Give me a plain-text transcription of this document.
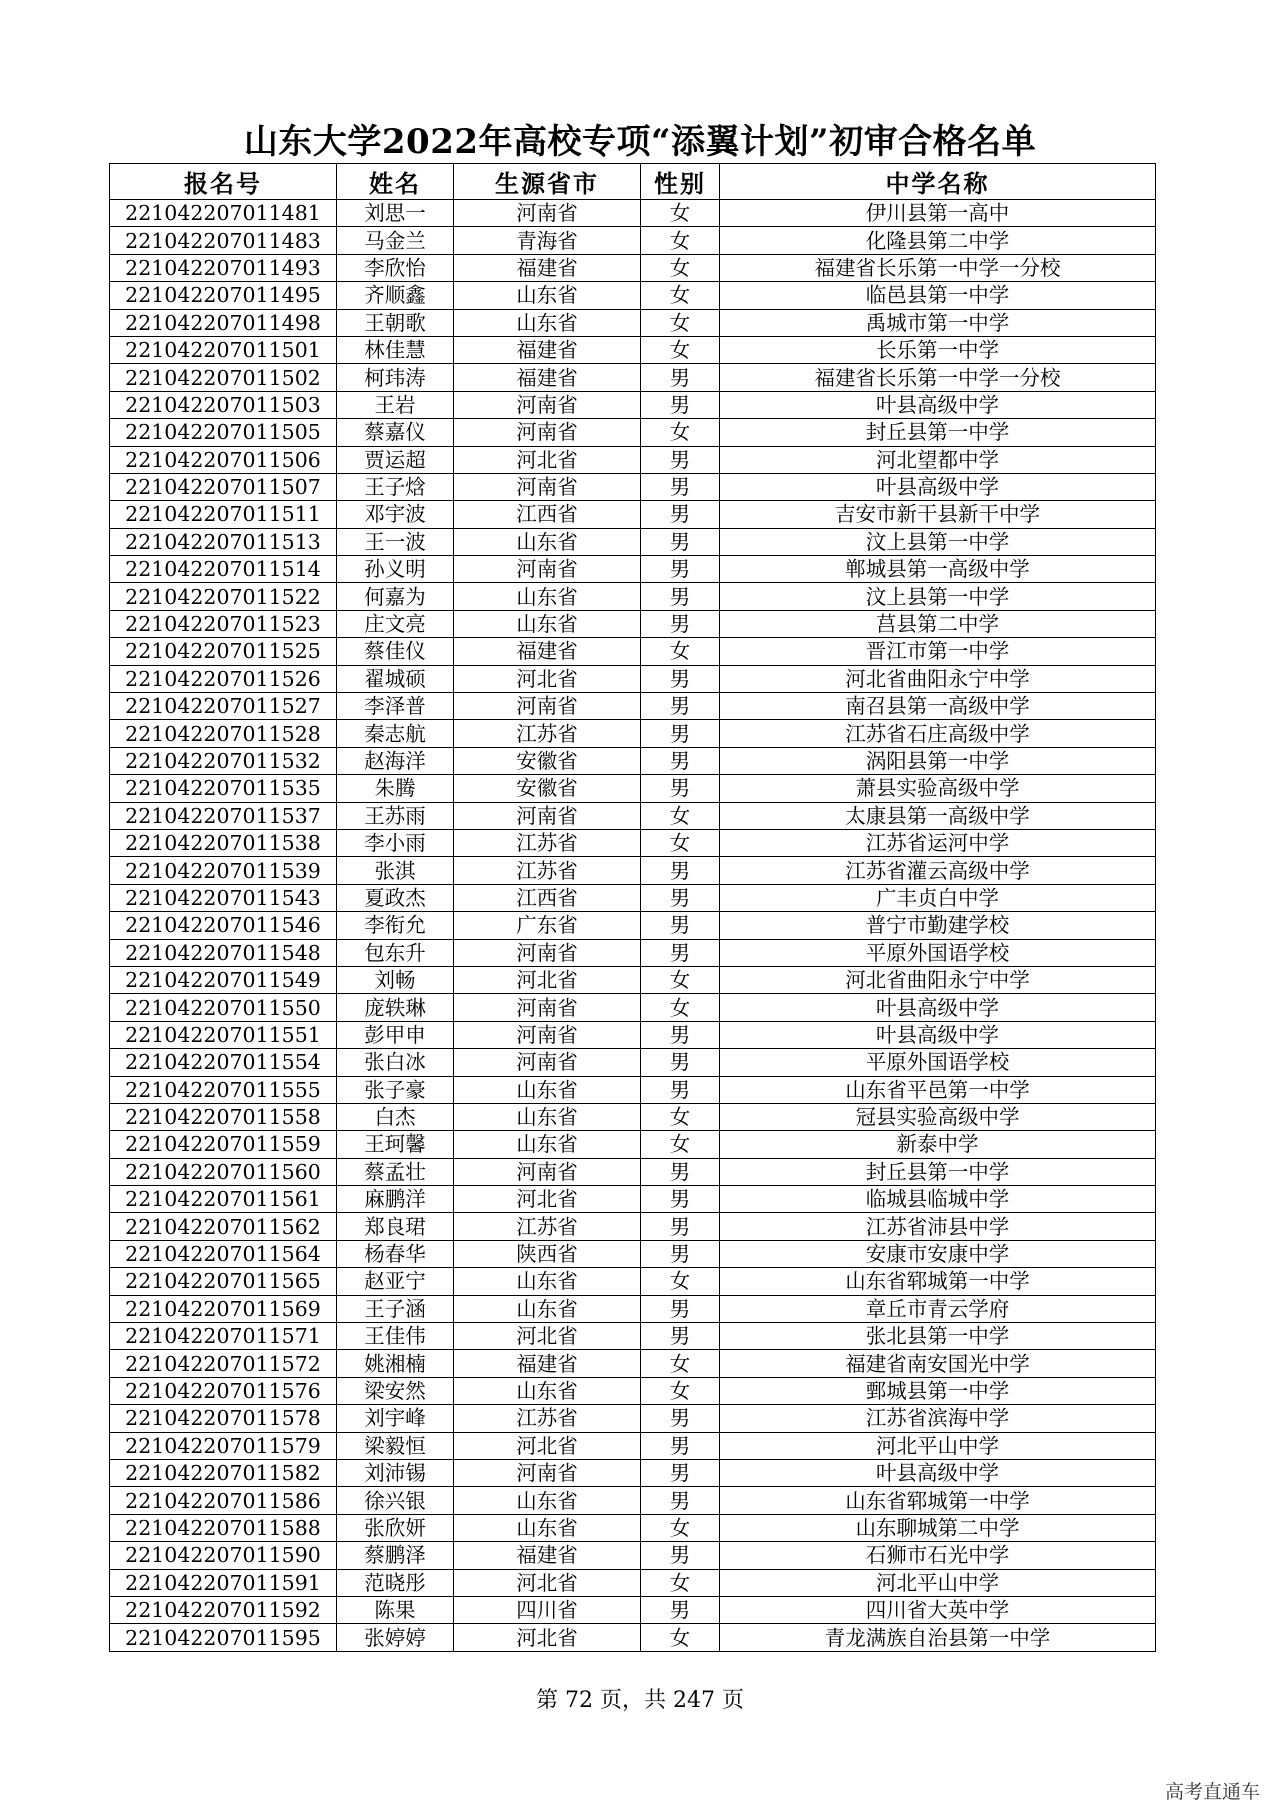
山东大学2022年高校专项“添翼计划”初审合格名单
报名号	姓名	生源省市	性别	中学名称
221042207011481	刘思一	河南省	女	伊川县第一高中
221042207011483	马金兰	青海省	女	化隆县第二中学
221042207011493	李欣怡	福建省	女	福建省长乐第一中学一分校
221042207011495	齐顺鑫	山东省	女	临邑县第一中学
221042207011498	王朝歌	山东省	女	禹城市第一中学
221042207011501	林佳慧	福建省	女	长乐第一中学
221042207011502	柯玮涛	福建省	男	福建省长乐第一中学一分校
221042207011503	王岩	河南省	男	叶县高级中学
221042207011505	蔡嘉仪	河南省	女	封丘县第一中学
221042207011506	贾运超	河北省	男	河北望都中学
221042207011507	王子焓	河南省	男	叶县高级中学
221042207011511	邓宇波	江西省	男	吉安市新干县新干中学
221042207011513	王一波	山东省	男	汶上县第一中学
221042207011514	孙义明	河南省	男	郸城县第一高级中学
221042207011522	何嘉为	山东省	男	汶上县第一中学
221042207011523	庄文亮	山东省	男	莒县第二中学
221042207011525	蔡佳仪	福建省	女	晋江市第一中学
221042207011526	翟城硕	河北省	男	河北省曲阳永宁中学
221042207011527	李泽普	河南省	男	南召县第一高级中学
221042207011528	秦志航	江苏省	男	江苏省石庄高级中学
221042207011532	赵海洋	安徽省	男	涡阳县第一中学
221042207011535	朱腾	安徽省	男	萧县实验高级中学
221042207011537	王苏雨	河南省	女	太康县第一高级中学
221042207011538	李小雨	江苏省	女	江苏省运河中学
221042207011539	张淇	江苏省	男	江苏省灌云高级中学
221042207011543	夏政杰	江西省	男	广丰贞白中学
221042207011546	李衔允	广东省	男	普宁市勤建学校
221042207011548	包东升	河南省	男	平原外国语学校
221042207011549	刘畅	河北省	女	河北省曲阳永宁中学
221042207011550	庞轶琳	河南省	女	叶县高级中学
221042207011551	彭甲申	河南省	男	叶县高级中学
221042207011554	张白冰	河南省	男	平原外国语学校
221042207011555	张子豪	山东省	男	山东省平邑第一中学
221042207011558	白杰	山东省	女	冠县实验高级中学
221042207011559	王珂馨	山东省	女	新泰中学
221042207011560	蔡孟壮	河南省	男	封丘县第一中学
221042207011561	麻鹏洋	河北省	男	临城县临城中学
221042207011562	郑良珺	江苏省	男	江苏省沛县中学
221042207011564	杨春华	陕西省	男	安康市安康中学
221042207011565	赵亚宁	山东省	女	山东省郓城第一中学
221042207011569	王子涵	山东省	男	章丘市青云学府
221042207011571	王佳伟	河北省	男	张北县第一中学
221042207011572	姚湘楠	福建省	女	福建省南安国光中学
221042207011576	梁安然	山东省	女	鄄城县第一中学
221042207011578	刘宇峰	江苏省	男	江苏省滨海中学
221042207011579	梁毅恒	河北省	男	河北平山中学
221042207011582	刘沛锡	河南省	男	叶县高级中学
221042207011586	徐兴银	山东省	男	山东省郓城第一中学
221042207011588	张欣妍	山东省	女	山东聊城第二中学
221042207011590	蔡鹏泽	福建省	男	石狮市石光中学
221042207011591	范晓彤	河北省	女	河北平山中学
221042207011592	陈果	四川省	男	四川省大英中学
221042207011595	张婷婷	河北省	女	青龙满族自治县第一中学
第 72 页，共 247 页
高考直通车
